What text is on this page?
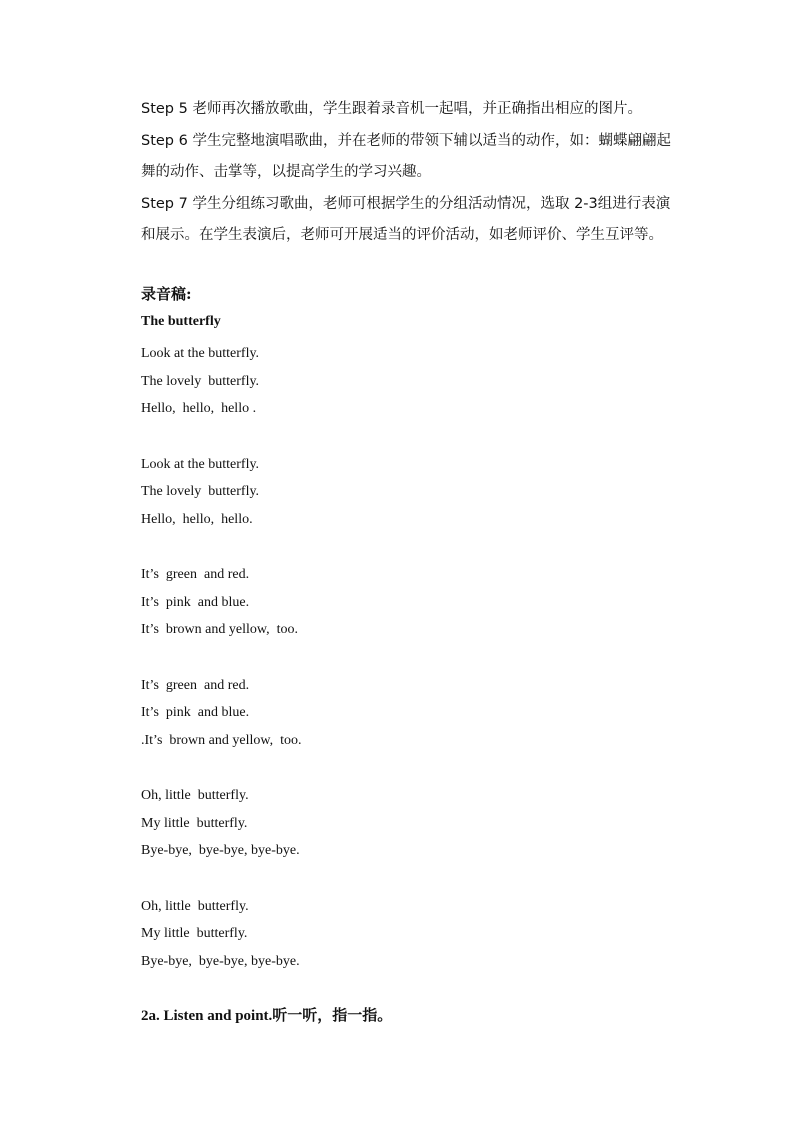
Step 5 老师再次播放歌曲，学生跟着录音机一起唱，并正确指出相应的图片。

Step 6 学生完整地演唱歌曲，并在老师的带领下辅以适当的动作，如：蝴蝶翩翩起舞的动作、击掌等，以提高学生的学习兴趣。

Step 7 学生分组练习歌曲，老师可根据学生的分组活动情况，选取 2-3组进行表演和展示。在学生表演后，老师可开展适当的评价活动，如老师评价、学生互评等。

录音稿:
The butterfly
Look at the butterfly.
The lovely  butterfly.
Hello,  hello,  hello .
Look at the butterfly.
The lovely  butterfly.
Hello,  hello,  hello.
It’s  green  and red.
It’s  pink  and blue.
It’s  brown and yellow,  too.
It’s  green  and red.
It’s  pink  and blue.
.It’s  brown and yellow,  too.
Oh, little  butterfly.
My little  butterfly.
Bye-bye,  bye-bye, bye-bye.
Oh, little  butterfly.
My little  butterfly.
Bye-bye,  bye-bye, bye-bye.
2a. Listen and point.听一听，指一指。
